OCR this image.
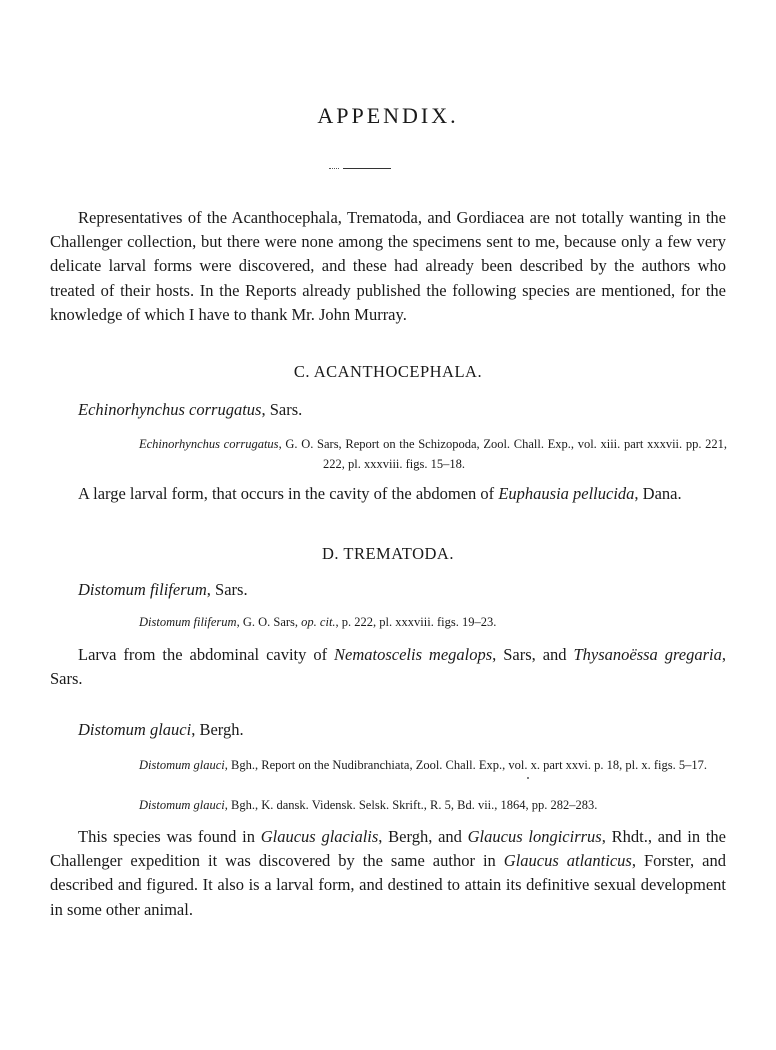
APPENDIX.

Representatives of the Acanthocephala, Trematoda, and Gordiacea are not totally wanting in the Challenger collection, but there were none among the specimens sent to me, because only a few very delicate larval forms were discovered, and these had already been described by the authors who treated of their hosts. In the Reports already published the following species are mentioned, for the knowledge of which I have to thank Mr. John Murray.

C. ACANTHOCEPHALA.
Echinorhynchus corrugatus, Sars.
Echinorhynchus corrugatus, G. O. Sars, Report on the Schizopoda, Zool. Chall. Exp., vol. xiii. part xxxvii. pp. 221, 222, pl. xxxviii. figs. 15–18.

A large larval form, that occurs in the cavity of the abdomen of Euphausia pellucida, Dana.

D. TREMATODA.
Distomum filiferum, Sars.
Distomum filiferum, G. O. Sars, op. cit., p. 222, pl. xxxviii. figs. 19–23.

Larva from the abdominal cavity of Nematoscelis megalops, Sars, and Thysanoëssa gregaria, Sars.

Distomum glauci, Bergh.
Distomum glauci, Bgh., Report on the Nudibranchiata, Zool. Chall. Exp., vol. x. part xxvi. p. 18, pl. x. figs. 5–17.
Distomum glauci, Bgh., K. dansk. Vidensk. Selsk. Skrift., R. 5, Bd. vii., 1864, pp. 282–283.

This species was found in Glaucus glacialis, Bergh, and Glaucus longicirrus, Rhdt., and in the Challenger expedition it was discovered by the same author in Glaucus atlanticus, Forster, and described and figured. It also is a larval form, and destined to attain its definitive sexual development in some other animal.
